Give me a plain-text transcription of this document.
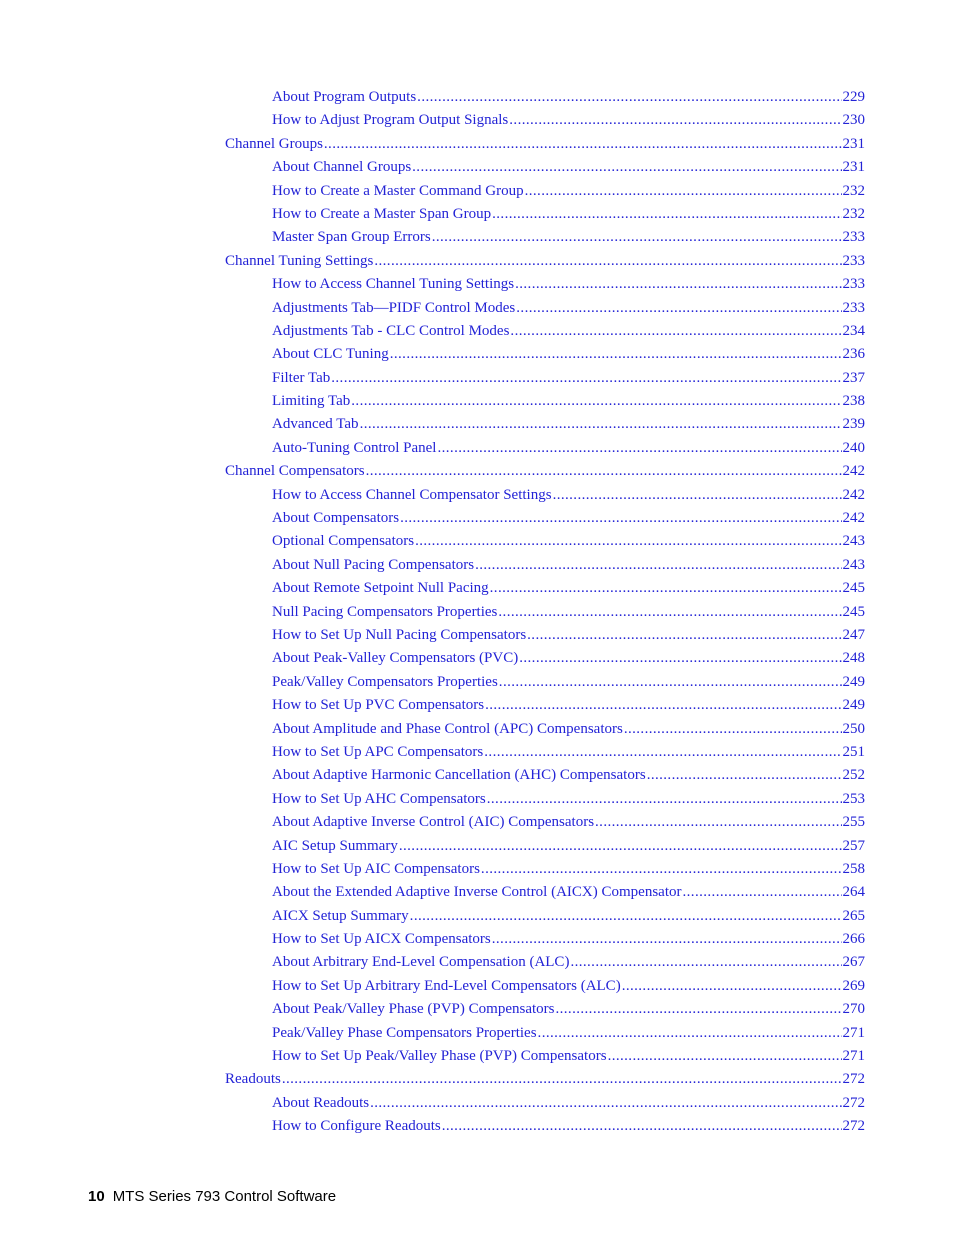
About Program Outputs .....	229
How to Adjust Program Output Signals .....	230
Channel Groups .....	231
About Channel Groups .....	231
How to Create a Master Command Group .....	232
How to Create a Master Span Group .....	232
Master Span Group Errors .....	233
Channel Tuning Settings .....	233
How to Access Channel Tuning Settings .....	233
Adjustments Tab—PIDF Control Modes .....	233
Adjustments Tab - CLC Control Modes .....	234
About CLC Tuning .....	236
Filter Tab .....	237
Limiting Tab .....	238
Advanced Tab .....	239
Auto-Tuning Control Panel .....	240
Channel Compensators .....	242
How to Access Channel Compensator Settings .....	242
About Compensators .....	242
Optional Compensators .....	243
About Null Pacing Compensators .....	243
About Remote Setpoint Null Pacing .....	245
Null Pacing Compensators Properties .....	245
How to Set Up Null Pacing Compensators .....	247
About Peak-Valley Compensators (PVC) .....	248
Peak/Valley Compensators Properties .....	249
How to Set Up PVC Compensators .....	249
About Amplitude and Phase Control (APC) Compensators .....	250
How to Set Up APC Compensators .....	251
About Adaptive Harmonic Cancellation (AHC) Compensators .....	252
How to Set Up AHC Compensators .....	253
About Adaptive Inverse Control (AIC) Compensators .....	255
AIC Setup Summary .....	257
How to Set Up AIC Compensators .....	258
About the Extended Adaptive Inverse Control (AICX) Compensator .....	264
AICX Setup Summary .....	265
How to Set Up AICX Compensators .....	266
About Arbitrary End-Level Compensation (ALC) .....	267
How to Set Up Arbitrary End-Level Compensators (ALC) .....	269
About Peak/Valley Phase (PVP) Compensators .....	270
Peak/Valley Phase Compensators Properties .....	271
How to Set Up Peak/Valley Phase (PVP) Compensators .....	271
Readouts .....	272
About Readouts .....	272
How to Configure Readouts .....	272
10 MTS Series 793 Control Software
